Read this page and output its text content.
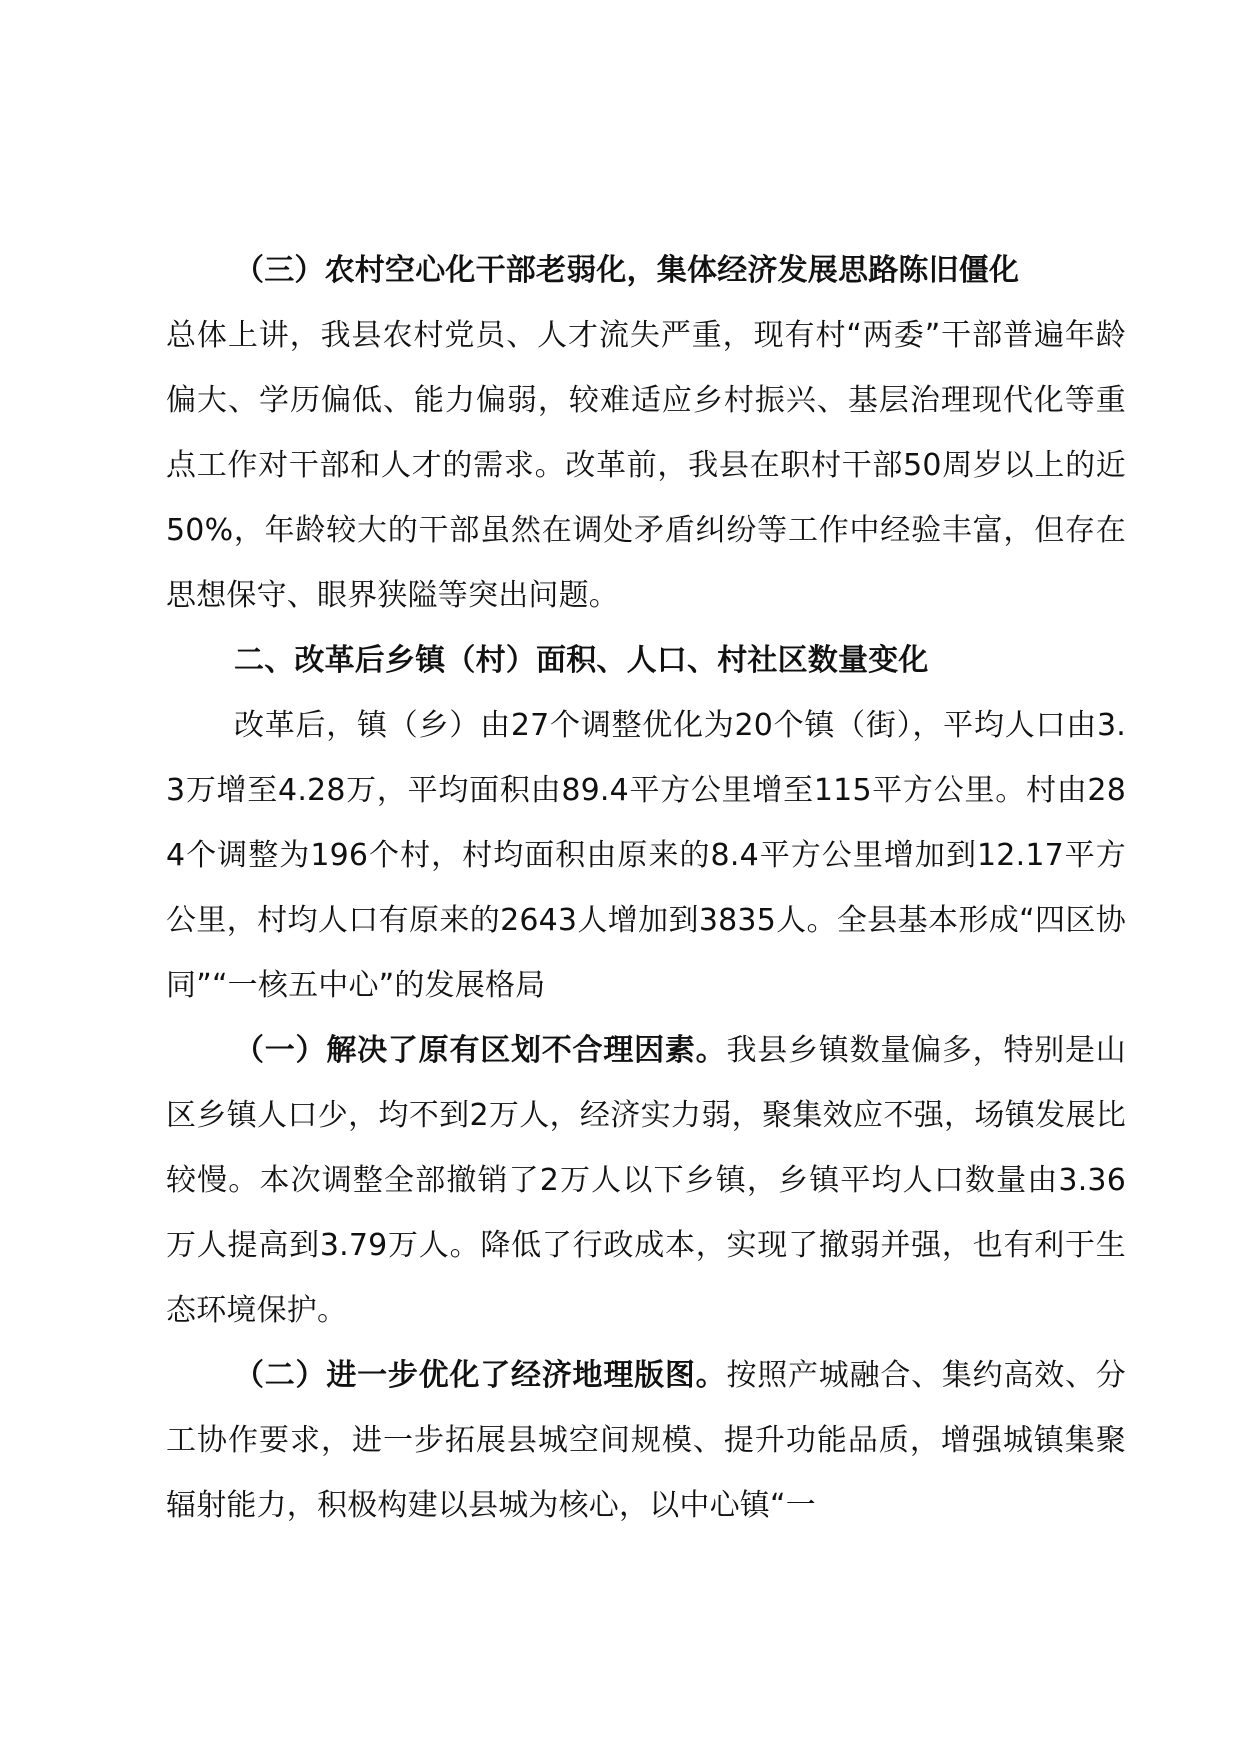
（三）农村空心化干部老弱化，集体经济发展思路陈旧僵化

总体上讲，我县农村党员、人才流失严重，现有村“两委”干部普遍年龄偏大、学历偏低、能力偏弱，较难适应乡村振兴、基层治理现代化等重点工作对干部和人才的需求。改革前，我县在职村干部50周岁以上的近50%，年龄较大的干部虽然在调处矛盾纠纷等工作中经验丰富，但存在思想保守、眼界狭隘等突出问题。

二、改革后乡镇（村）面积、人口、村社区数量变化

改革后，镇（乡）由27个调整优化为20个镇（街），平均人口由3.3万增至4.28万，平均面积由89.4平方公里增至115平方公里。村由284个调整为196个村，村均面积由原来的8.4平方公里增加到12.17平方公里，村均人口有原来的2643人增加到3835人。全县基本形成“四区协同”“一核五中心”的发展格局

（一）解决了原有区划不合理因素。我县乡镇数量偏多，特别是山区乡镇人口少，均不到2万人，经济实力弱，聚集效应不强，场镇发展比较慢。本次调整全部撤销了2万人以下乡镇，乡镇平均人口数量由3.36万人提高到3.79万人。降低了行政成本，实现了撤弱并强，也有利于生态环境保护。

（二）进一步优化了经济地理版图。按照产城融合、集约高效、分工协作要求，进一步拓展县城空间规模、提升功能品质，增强城镇集聚辐射能力，积极构建以县城为核心，以中心镇“一
